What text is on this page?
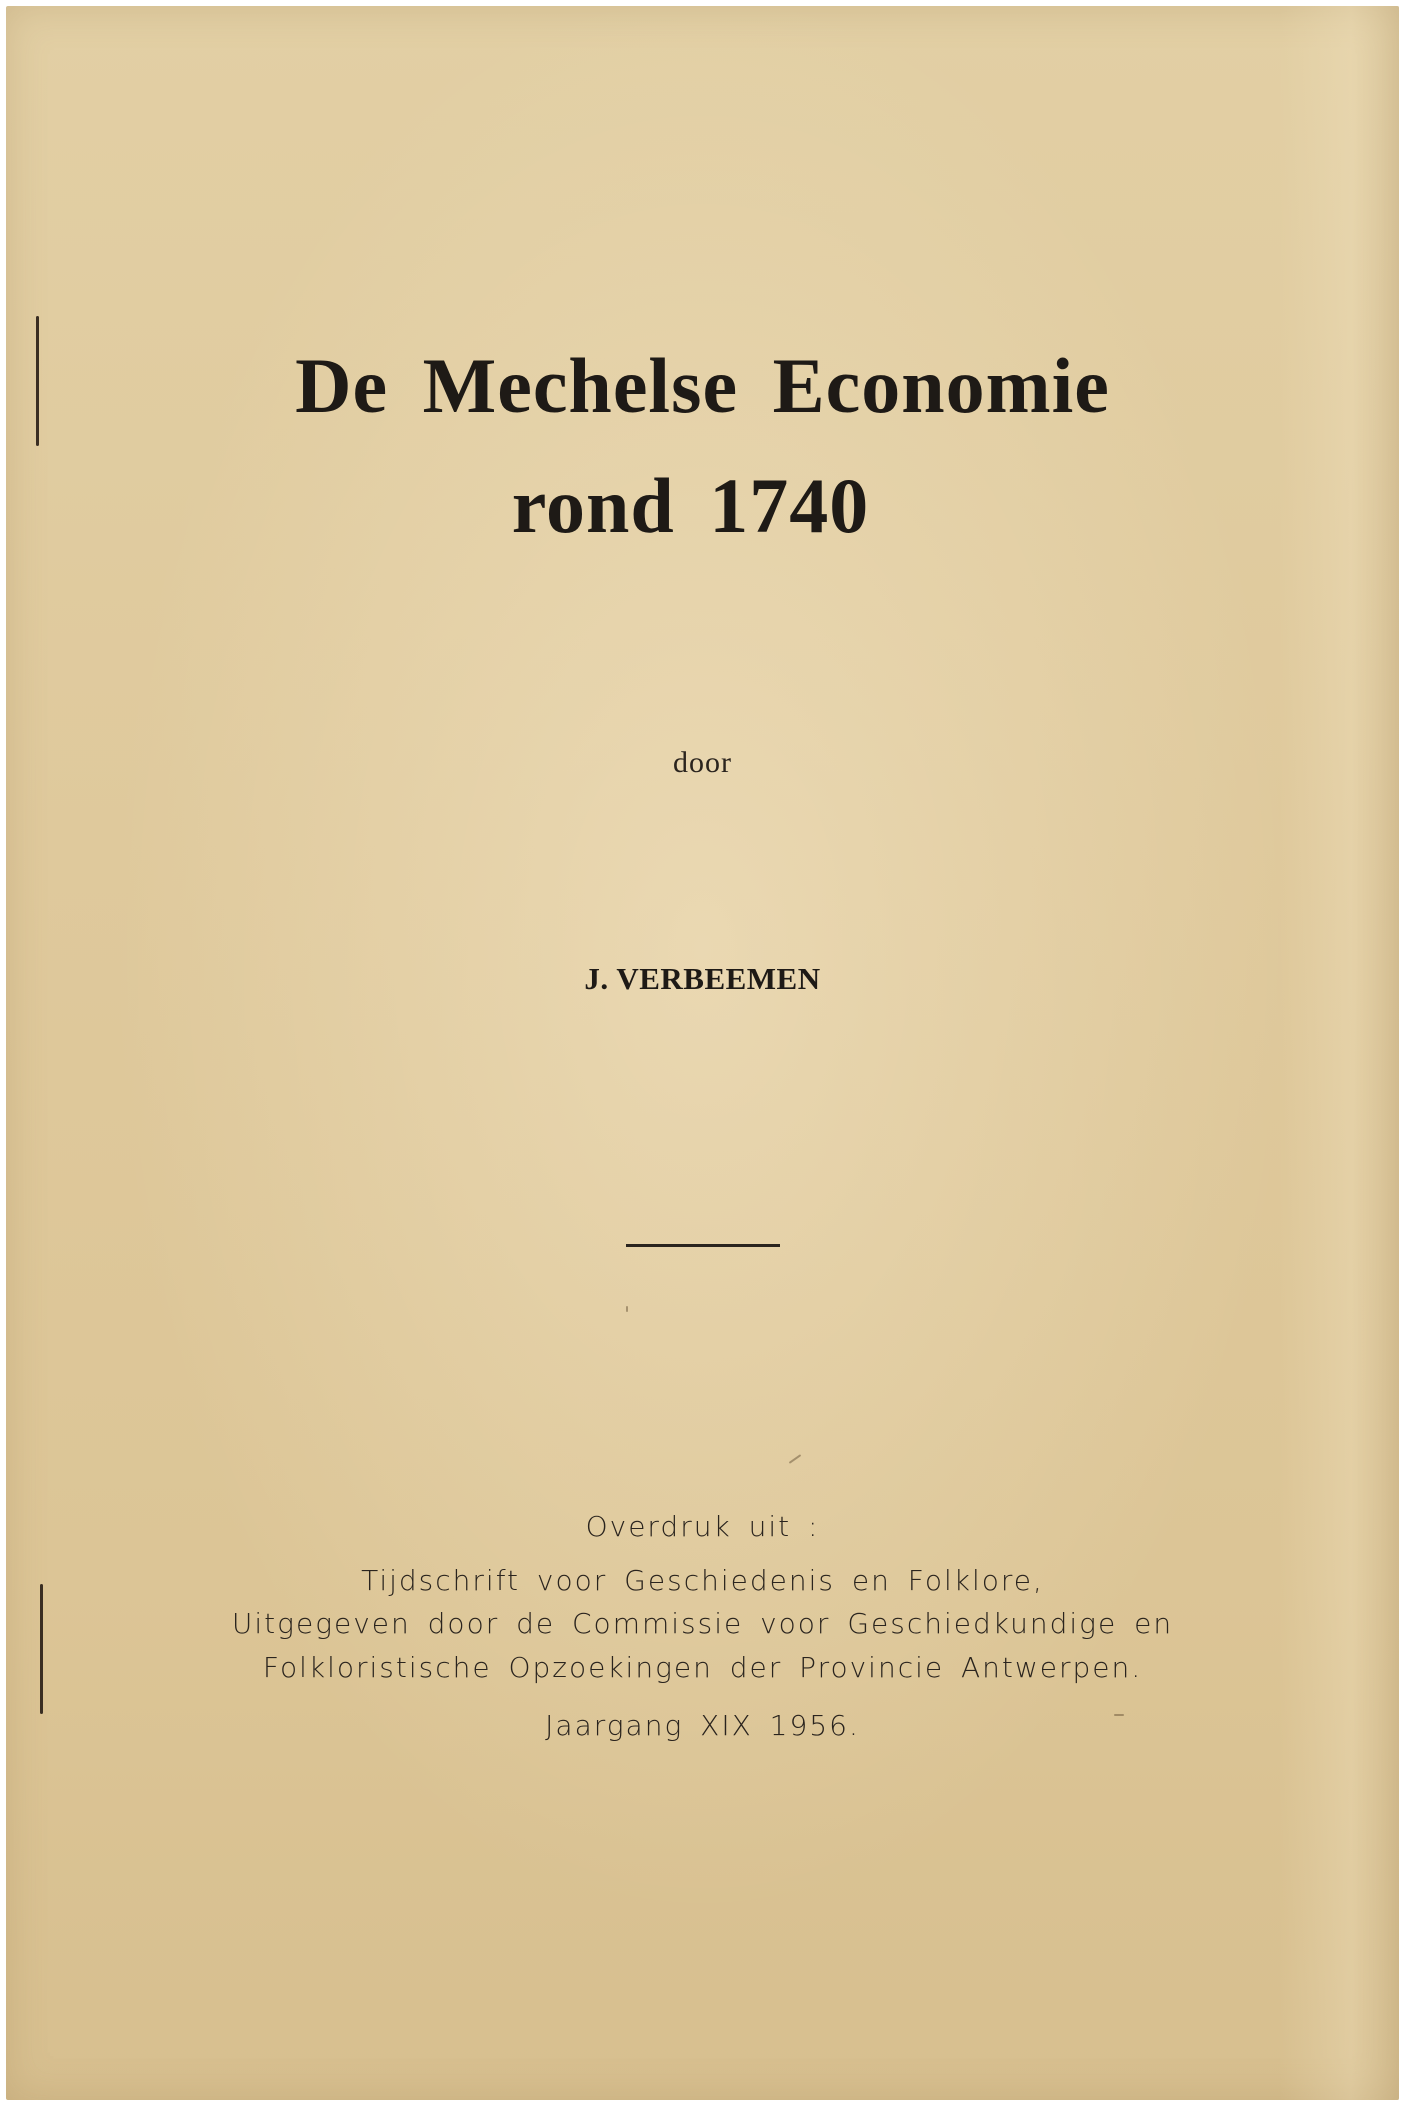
De Mechelse Economie
rond 1740
door
J. VERBEEMEN
Overdruk uit :
Tijdschrift voor Geschiedenis en Folklore,
Uitgegeven door de Commissie voor Geschiedkundige en
Folkloristische Opzoekingen der Provincie Antwerpen.
Jaargang XIX 1956.
